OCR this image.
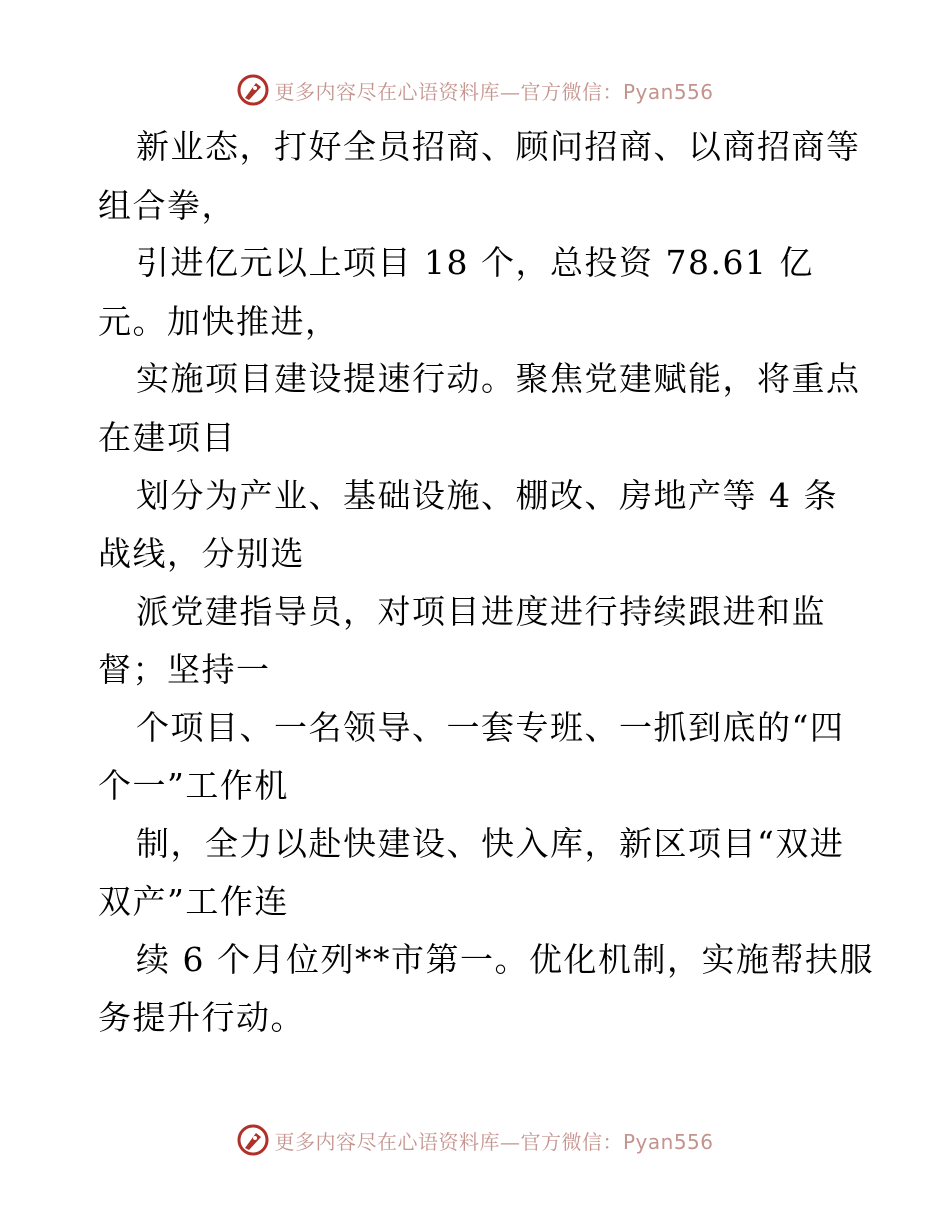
更多内容尽在心语资料库—官方微信：Pyan556
新业态，打好全员招商、顾问招商、以商招商等
组合拳，
引进亿元以上项目 18 个，总投资 78.61 亿
元。加快推进，
实施项目建设提速行动。聚焦党建赋能，将重点
在建项目
划分为产业、基础设施、棚改、房地产等 4 条
战线，分别选
派党建指导员，对项目进度进行持续跟进和监
督；坚持一
个项目、一名领导、一套专班、一抓到底的“四
个一”工作机
制，全力以赴快建设、快入库，新区项目“双进
双产”工作连
续 6 个月位列**市第一。优化机制，实施帮扶服
务提升行动。
更多内容尽在心语资料库—官方微信：Pyan556
